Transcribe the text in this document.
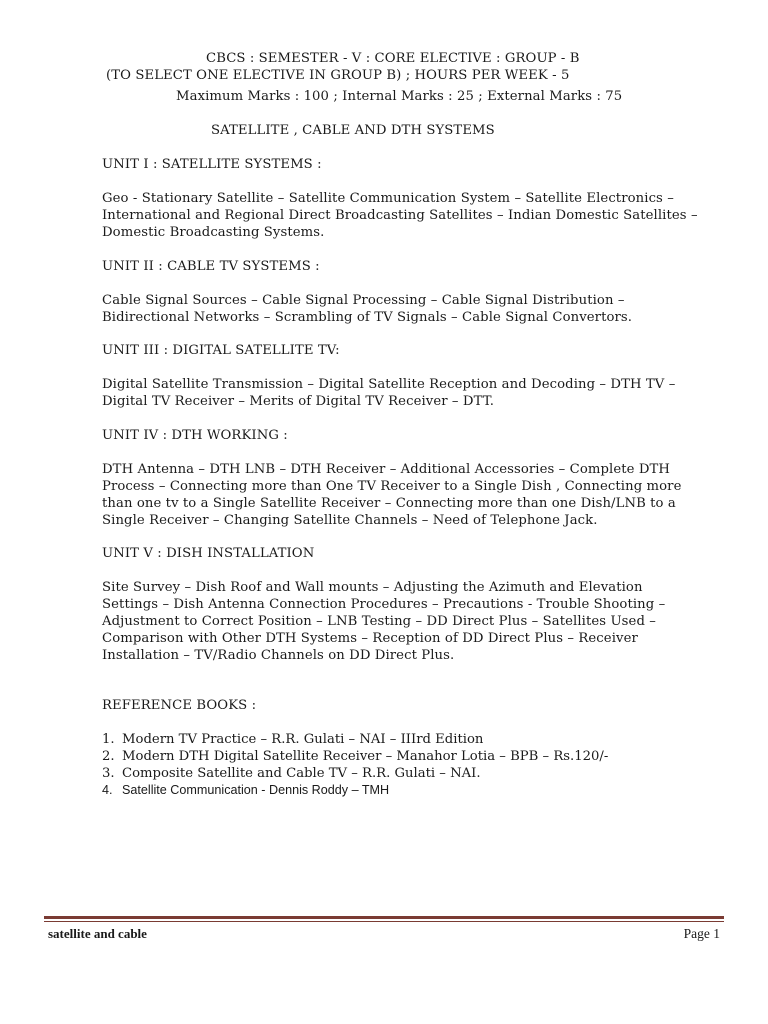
CBCS : SEMESTER - V : CORE ELECTIVE : GROUP - B
(TO SELECT ONE ELECTIVE IN GROUP B) ; HOURS PER WEEK - 5
Maximum Marks : 100 ; Internal Marks : 25 ; External Marks : 75
SATELLITE , CABLE AND DTH SYSTEMS
UNIT I : SATELLITE SYSTEMS :
Geo - Stationary Satellite – Satellite Communication System – Satellite Electronics –
International and Regional Direct Broadcasting Satellites – Indian Domestic Satellites –
Domestic Broadcasting Systems.
UNIT II : CABLE TV SYSTEMS :
Cable Signal Sources – Cable Signal Processing – Cable Signal Distribution –
Bidirectional Networks – Scrambling of TV Signals – Cable Signal Convertors.
UNIT III : DIGITAL SATELLITE TV:
Digital Satellite Transmission – Digital Satellite Reception and Decoding – DTH TV –
Digital TV Receiver – Merits of Digital TV Receiver – DTT.
UNIT IV : DTH WORKING :
DTH Antenna – DTH LNB – DTH Receiver – Additional Accessories – Complete DTH
Process – Connecting more than One TV Receiver to a Single Dish , Connecting more
than one tv to a Single Satellite Receiver – Connecting more than one Dish/LNB to a
Single Receiver – Changing Satellite Channels – Need of Telephone Jack.
UNIT V : DISH INSTALLATION
Site Survey – Dish Roof and Wall mounts – Adjusting the Azimuth and Elevation
Settings – Dish Antenna Connection Procedures – Precautions - Trouble Shooting –
Adjustment to Correct Position – LNB Testing – DD Direct Plus – Satellites Used –
Comparison with Other DTH Systems – Reception of DD Direct Plus – Receiver
Installation – TV/Radio Channels on DD Direct Plus.
REFERENCE BOOKS :
1. Modern TV Practice – R.R. Gulati – NAI – IIIrd Edition
2. Modern DTH Digital Satellite Receiver – Manahor Lotia – BPB – Rs.120/-
3. Composite Satellite and Cable TV – R.R. Gulati – NAI.
4. Satellite Communication - Dennis Roddy – TMH
satellite and cable	Page 1
